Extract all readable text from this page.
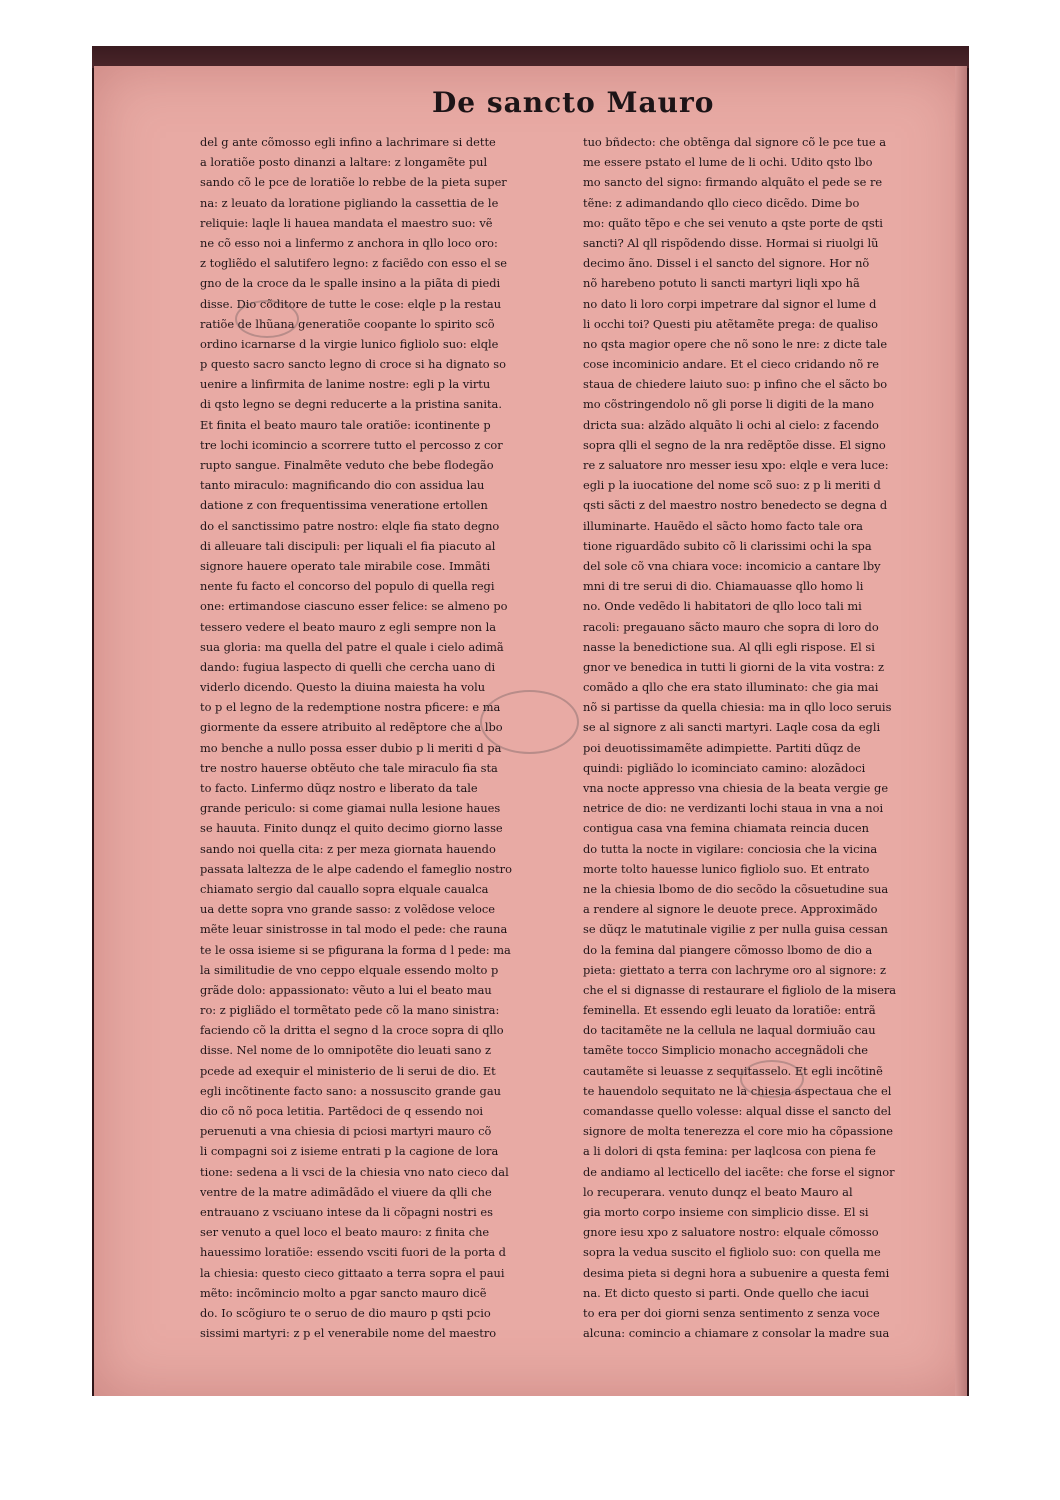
De sancto Mauro
del g ante cõmosso egli infino a lachrimare si dette
a loratiõe posto dinanzi a laltare: z longamẽte pul
sando cõ le pce de loratiõe lo rebbe de la pieta super
na: z leuato da loratione pigliando la cassettia de le
reliquie: laqle li hauea mandata el maestro suo: vẽ
ne cõ esso noi a linfermo z anchora in qllo loco oro:
z togliẽdo el salutifero legno: z faciẽdo con esso el se
gno de la croce da le spalle insino a la piãta di piedi
disse. Dio cõditore de tutte le cose: elqle p la restau
ratiõe de lhũana generatiõe coopante lo spirito scõ
ordino icarnarse d la virgie lunico figliolo suo: elqle
p questo sacro sancto legno di croce si ha dignato so
uenire a linfirmita de lanime nostre: egli p la virtu
di qsto legno se degni reducerte a la pristina sanita.
Et finita el beato mauro tale oratiõe: icontinente p
tre lochi icomincio a scorrere tutto el percosso z cor
rupto sangue. Finalmẽte veduto che bebe flodegão
tanto miraculo: magnificando dio con assidua lau
datione z con frequentissima veneratione ertollen
do el sanctissimo patre nostro: elqle fia stato degno
di alleuare tali discipuli: per liquali el fia piacuto al
signore hauere operato tale mirabile cose. Immãti
nente fu facto el concorso del populo di quella regi
one: ertimandose ciascuno esser felice: se almeno po
tessero vedere el beato mauro z egli sempre non la
sua gloria: ma quella del patre el quale i cielo adimã
dando: fugiua laspecto di quelli che cercha uano di
viderlo dicendo. Questo la diuina maiesta ha volu
to p el legno de la redemptione nostra pficere: e ma
giormente da essere atribuito al redẽptore che a lbo
mo benche a nullo possa esser dubio p li meriti d pa
tre nostro hauerse obtẽuto che tale miraculo fia sta
to facto. Linfermo dũqz nostro e liberato da tale
grande periculo: si come giamai nulla lesione haues
se hauuta. Finito dunqz el quito decimo giorno lasse
sando noi quella cita: z per meza giornata hauendo
passata laltezza de le alpe cadendo el fameglio nostro
chiamato sergio dal cauallo sopra elquale caualca
ua dette sopra vno grande sasso: z volẽdose veloce
mẽte leuar sinistrosse in tal modo el pede: che rauna
te le ossa isieme si se pfigurana la forma d l pede: ma
la similitudie de vno ceppo elquale essendo molto p
grãde dolo: appassionato: vẽuto a lui el beato mau
ro: z pigliãdo el tormẽtato pede cõ la mano sinistra:
faciendo cõ la dritta el segno d la croce sopra di qllo
disse. Nel nome de lo omnipotẽte dio leuati sano z
pcede ad exequir el ministerio de li serui de dio. Et
egli incõtinente facto sano: a nossuscito grande gau
dio cõ nõ poca letitia. Partẽdoci de q essendo noi
peruenuti a vna chiesia di pciosi martyri mauro cõ
li compagni soi z isieme entrati p la cagione de lora
tione: sedena a li vsci de la chiesia vno nato cieco dal
ventre de la matre adimãdãdo el viuere da qlli che
entrauano z vsciuano intese da li cõpagni nostri es
ser venuto a quel loco el beato mauro: z finita che
hauessimo loratiõe: essendo vsciti fuori de la porta d
la chiesia: questo cieco gittaato a terra sopra el paui
mẽto: incõmincio molto a pgar sancto mauro dicẽ
do. Io scõgiuro te o seruo de dio mauro p qsti pcio
sissimi martyri: z p el venerabile nome del maestro
tuo bñdecto: che obtẽnga dal signore cõ le pce tue a
me essere pstato el lume de li ochi. Udito qsto lbo
mo sancto del signo: firmando alquãto el pede se re
tẽne: z adimandando qllo cieco dicẽdo. Dime bo
mo: quãto tẽpo e che sei venuto a qste porte de qsti
sancti? Al qll rispõdendo disse. Hormai si riuolgi lũ
decimo ãno. Dissel i el sancto del signore. Hor nõ
nõ harebeno potuto li sancti martyri liqli xpo hã
no dato li loro corpi impetrare dal signor el lume d
li occhi toi? Questi piu atẽtamẽte prega: de qualiso
no qsta magior opere che nõ sono le nre: z dicte tale
cose incominicio andare. Et el cieco cridando nõ re
staua de chiedere laiuto suo: p infino che el sãcto bo
mo cõstringendolo nõ gli porse li digiti de la mano
dricta sua: alzãdo alquãto li ochi al cielo: z facendo
sopra qlli el segno de la nra redẽptõe disse. El signo
re z saluatore nro messer iesu xpo: elqle e vera luce:
egli p la iuocatione del nome scõ suo: z p li meriti d
qsti sãcti z del maestro nostro benedecto se degna d
illuminarte. Hauẽdo el sãcto homo facto tale ora
tione riguardãdo subito cõ li clarissimi ochi la spa
del sole cõ vna chiara voce: incomicio a cantare lby
mni di tre serui di dio. Chiamauasse qllo homo li
no. Onde vedẽdo li habitatori de qllo loco tali mi
racoli: pregauano sãcto mauro che sopra di loro do
nasse la benedictione sua. Al qlli egli rispose. El si
gnor ve benedica in tutti li giorni de la vita vostra: z
comãdo a qllo che era stato illuminato: che gia mai
nõ si partisse da quella chiesia: ma in qllo loco seruis
se al signore z ali sancti martyri. Laqle cosa da egli
poi deuotissimamẽte adimpiette. Partiti dũqz de
quindi: pigliãdo lo icominciato camino: alozãdoci
vna nocte appresso vna chiesia de la beata vergie ge
netrice de dio: ne verdizanti lochi staua in vna a noi
contigua casa vna femina chiamata reincia ducen
do tutta la nocte in vigilare: conciosia che la vicina
morte tolto hauesse lunico figliolo suo. Et entrato
ne la chiesia lbomo de dio secõdo la cõsuetudine sua
a rendere al signore le deuote prece. Approximãdo
se dũqz le matutinale vigilie z per nulla guisa cessan
do la femina dal piangere cõmosso lbomo de dio a
pieta: giettato a terra con lachryme oro al signore: z
che el si dignasse di restaurare el figliolo de la misera
feminella. Et essendo egli leuato da loratiõe: entrã
do tacitamẽte ne la cellula ne laqual dormiuão cau
tamẽte tocco Simplicio monacho accegnãdoli che
cautamẽte si leuasse z sequitasselo. Et egli incõtinẽ
te hauendolo sequitato ne la chiesia aspectaua che el
comandasse quello volesse: alqual disse el sancto del
signore de molta tenerezza el core mio ha cõpassione
a li dolori di qsta femina: per laqlcosa con piena fe
de andiamo al lecticello del iacẽte: che forse el signor
lo recuperara. venuto dunqz el beato Mauro al
gia morto corpo insieme con simplicio disse. El si
gnore iesu xpo z saluatore nostro: elquale cõmosso
sopra la vedua suscito el figliolo suo: con quella me
desima pieta si degni hora a subuenire a questa femi
na. Et dicto questo si parti. Onde quello che iacui
to era per doi giorni senza sentimento z senza voce
alcuna: comincio a chiamare z consolar la madre sua
